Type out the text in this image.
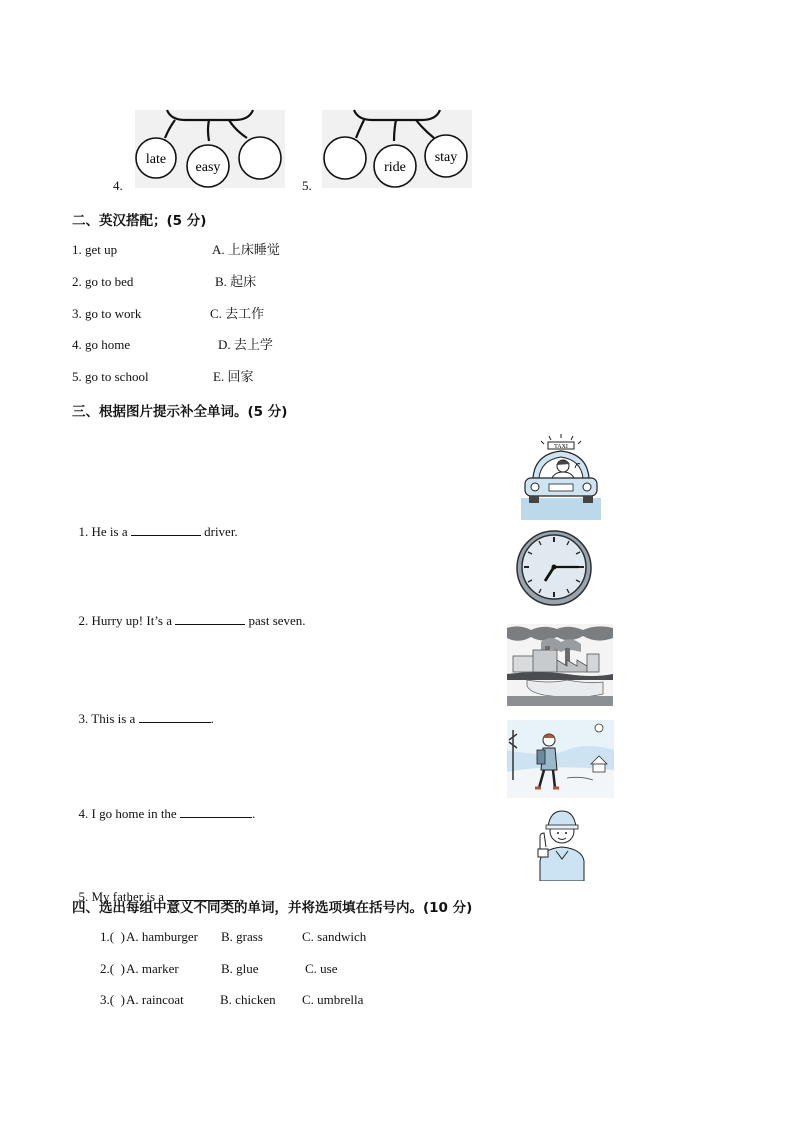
late
easy
4.
ride
stay
5.
二、英汉搭配；(5 分)
1. get up	A. 上床睡觉
2. go to bed	B. 起床
3. go to work	C. 去工作
4. go home	D. 去上学
5. go to school	E. 回家
三、根据图片提示补全单词。(5 分)

1. He is a	driver.

2. Hurry up! It’s a	past seven.

3. This is a	.

4. I go home in the	.

5. My father is a	.

TAXI
四、选出每组中意义不同类的单词，并将选项填在括号内。(10 分)
1.(  ) A. hamburger B. grass	C. sandwich
2.(  ) A. marker	B. glue	C. use
3.(  ) A. raincoat	B. chicken C. umbrella
